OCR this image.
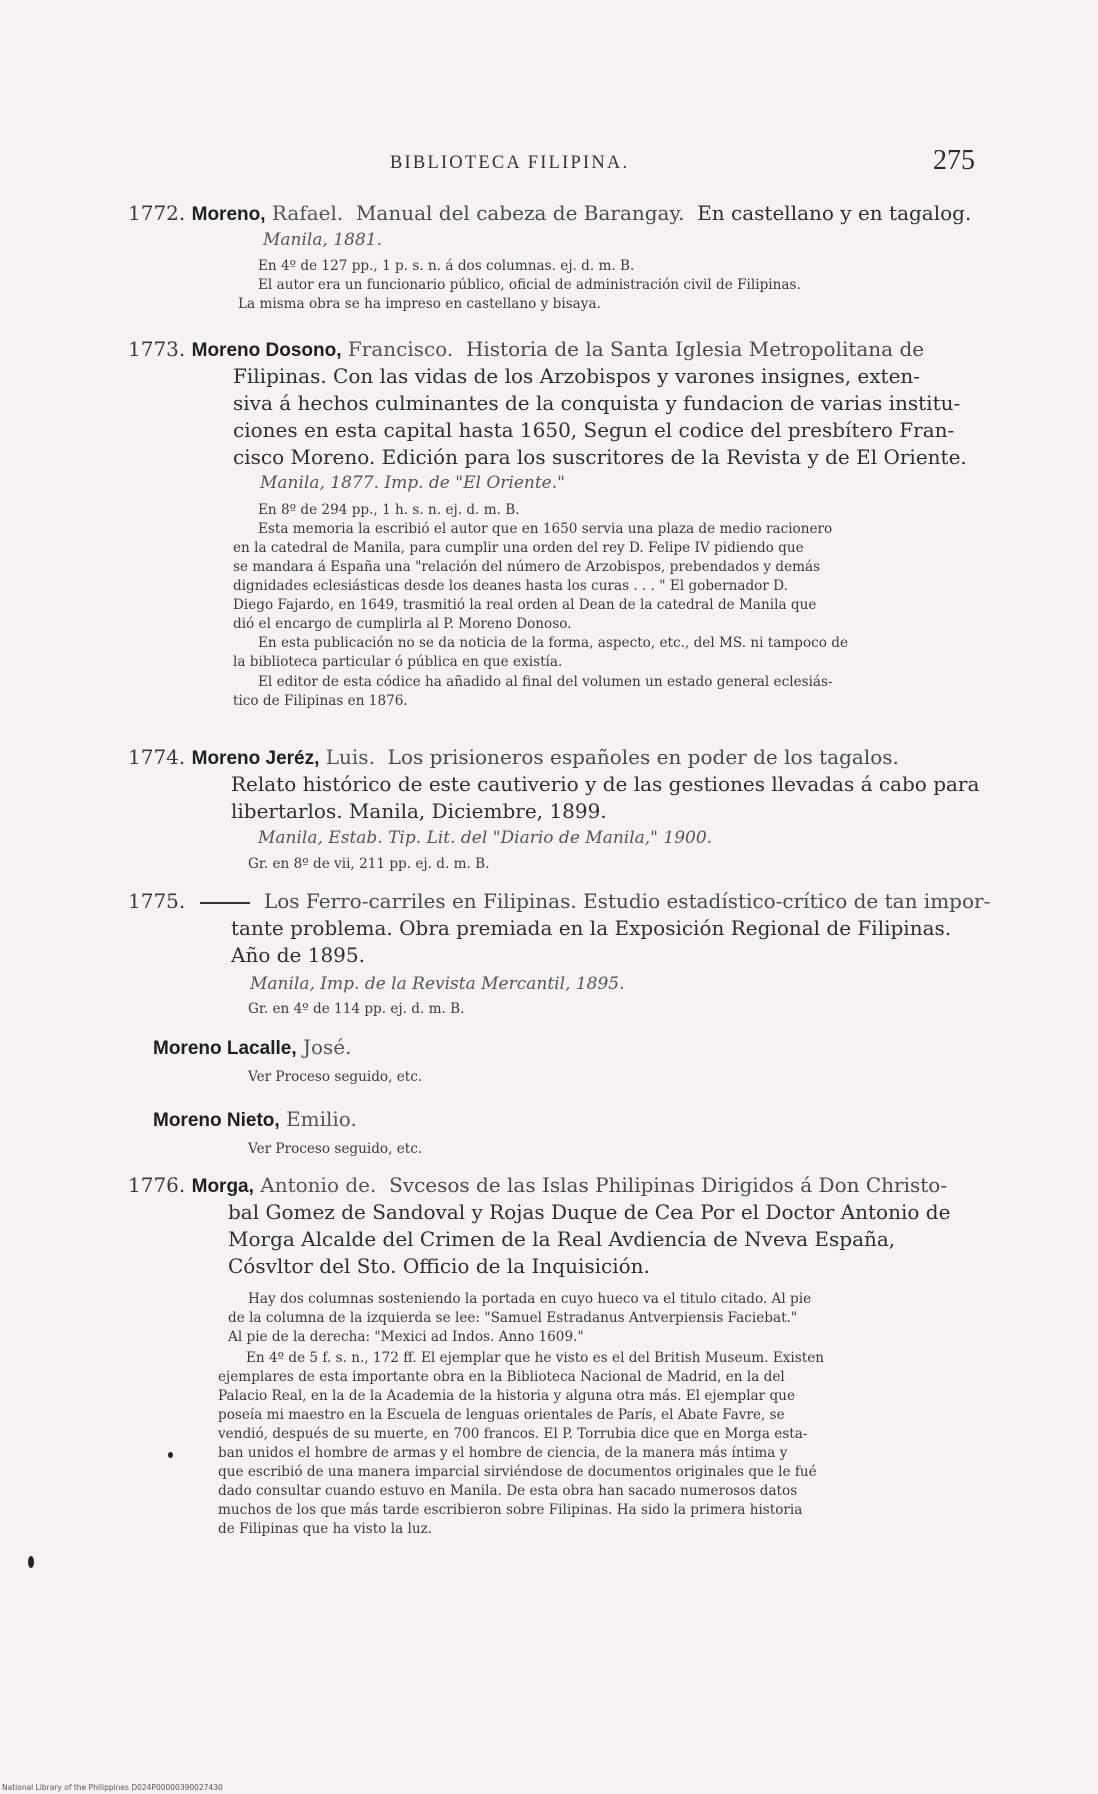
BIBLIOTECA FILIPINA.	275
1772. Moreno, Rafael. Manual del cabeza de Barangay. En castellano y en tagalog.
Manila, 1881.
En 4º de 127 pp., 1 p. s. n. á dos columnas. ej. d. m. B.
El autor era un funcionario público, oficial de administración civil de Filipinas.
La misma obra se ha impreso en castellano y bisaya.
1773. Moreno Dosono, Francisco. Historia de la Santa Iglesia Metropolitana de
Filipinas. Con las vidas de los Arzobispos y varones insignes, exten-
siva á hechos culminantes de la conquista y fundacion de varias institu-
ciones en esta capital hasta 1650, Segun el codice del presbítero Fran-
cisco Moreno. Edición para los suscritores de la Revista y de El Oriente.
Manila, 1877. Imp. de "El Oriente."
En 8º de 294 pp., 1 h. s. n. ej. d. m. B.
Esta memoria la escribió el autor que en 1650 servia una plaza de medio racionero
en la catedral de Manila, para cumplir una orden del rey D. Felipe IV pidiendo que
se mandara á España una "relación del número de Arzobispos, prebendados y demás
dignidades eclesiásticas desde los deanes hasta los curas . . . " El gobernador D.
Diego Fajardo, en 1649, trasmitió la real orden al Dean de la catedral de Manila que
dió el encargo de cumplirla al P. Moreno Donoso.
En esta publicación no se da noticia de la forma, aspecto, etc., del MS. ni tampoco de
la biblioteca particular ó pública en que existía.
El editor de esta códice ha añadido al final del volumen un estado general eclesiás-
tico de Filipinas en 1876.
1774. Moreno Jeréz, Luis. Los prisioneros españoles en poder de los tagalos.
Relato histórico de este cautiverio y de las gestiones llevadas á cabo para
libertarlos. Manila, Diciembre, 1899.
Manila, Estab. Tip. Lit. del "Diario de Manila," 1900.
Gr. en 8º de vii, 211 pp. ej. d. m. B.
1775.	Los Ferro-carriles en Filipinas. Estudio estadístico-crítico de tan impor-
tante problema. Obra premiada en la Exposición Regional de Filipinas.
Año de 1895.
Manila, Imp. de la Revista Mercantil, 1895.
Gr. en 4º de 114 pp. ej. d. m. B.
Moreno Lacalle, José.
Ver Proceso seguido, etc.
Moreno Nieto, Emilio.
Ver Proceso seguido, etc.
1776. Morga, Antonio de. Svcesos de las Islas Philipinas Dirigidos á Don Christo-
bal Gomez de Sandoval y Rojas Duque de Cea Por el Doctor Antonio de
Morga Alcalde del Crimen de la Real Avdiencia de Nveva España,
Cósvltor del Sto. Officio de la Inquisición.
Hay dos columnas sosteniendo la portada en cuyo hueco va el titulo citado. Al pie
de la columna de la izquierda se lee: "Samuel Estradanus Antverpiensis Faciebat."
Al pie de la derecha: "Mexici ad Indos. Anno 1609."
En 4º de 5 f. s. n., 172 ff. El ejemplar que he visto es el del British Museum. Existen
ejemplares de esta importante obra en la Biblioteca Nacional de Madrid, en la del
Palacio Real, en la de la Academia de la historia y alguna otra más. El ejemplar que
poseía mi maestro en la Escuela de lenguas orientales de París, el Abate Favre, se
vendió, después de su muerte, en 700 francos. El P. Torrubia dice que en Morga esta-
ban unidos el hombre de armas y el hombre de ciencia, de la manera más íntima y
que escribió de una manera imparcial sirviéndose de documentos originales que le fué
dado consultar cuando estuvo en Manila. De esta obra han sacado numerosos datos
muchos de los que más tarde escribieron sobre Filipinas. Ha sido la primera historia
de Filipinas que ha visto la luz.
National Library of the Philippines D024P00000390027430
